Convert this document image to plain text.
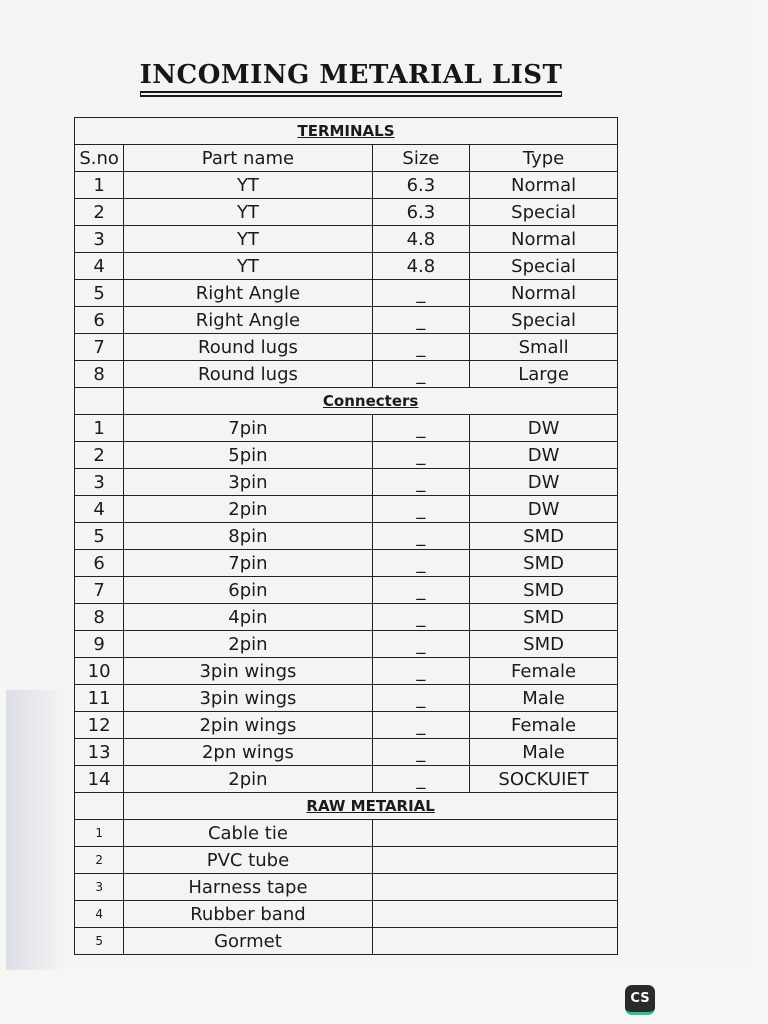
INCOMING METARIAL LIST
TERMINALS			
S.no	Part name	Size	Type
1	YT	6.3	Normal
2	YT	6.3	Special
3	YT	4.8	Normal
4	YT	4.8	Special
5	Right Angle	_	Normal
6	Right Angle	_	Special
7	Round lugs	_	Small
8	Round lugs	_	Large
	Connecters		
1	7pin	_	DW
2	5pin	_	DW
3	3pin	_	DW
4	2pin	_	DW
5	8pin	_	SMD
6	7pin	_	SMD
7	6pin	_	SMD
8	4pin	_	SMD
9	2pin	_	SMD
10	3pin wings	_	Female
11	3pin wings	_	Male
12	2pin wings	_	Female
13	2pn wings	_	Male
14	2pin	_	SOCKUIET
	RAW METARIAL		
1	Cable tie		
2	PVC tube		
3	Harness tape		
4	Rubber band		
5	Gormet		
CS
